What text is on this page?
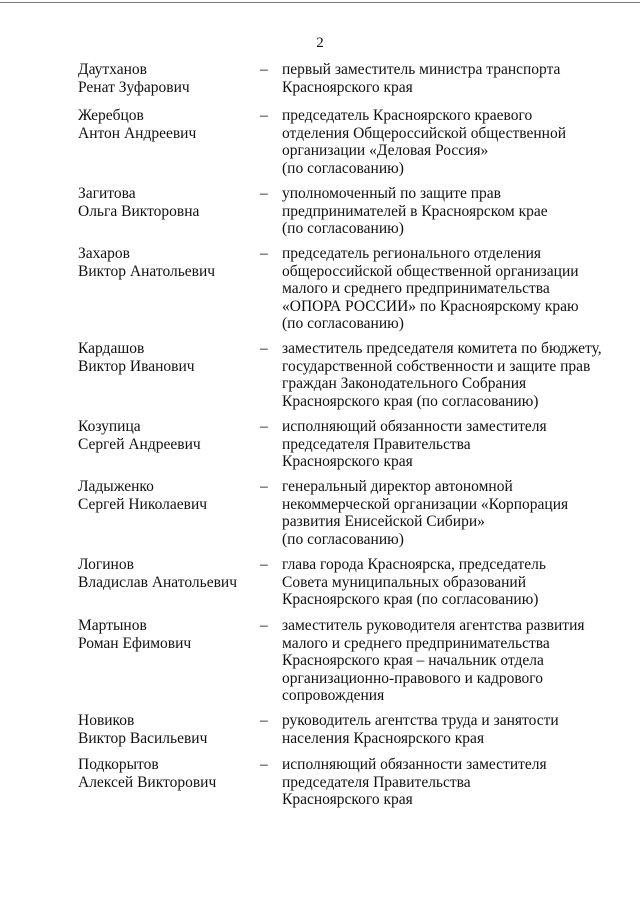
2
Даутханов
Ренат Зуфарович
– первый заместитель министра транспорта
Красноярского края
Жеребцов
Антон Андреевич
– председатель Красноярского краевого
отделения Общероссийской общественной
организации «Деловая Россия»
(по согласованию)
Загитова
Ольга Викторовна
– уполномоченный по защите прав
предпринимателей в Красноярском крае
(по согласованию)
Захаров
Виктор Анатольевич
– председатель регионального отделения
общероссийской общественной организации
малого и среднего предпринимательства
«ОПОРА РОССИИ» по Красноярскому краю
(по согласованию)
Кардашов
Виктор Иванович
– заместитель председателя комитета по бюджету,
государственной собственности и защите прав
граждан Законодательного Собрания
Красноярского края (по согласованию)
Козупица
Сергей Андреевич
– исполняющий обязанности заместителя
председателя Правительства
Красноярского края
Ладыженко
Сергей Николаевич
– генеральный директор автономной
некоммерческой организации «Корпорация
развития Енисейской Сибири»
(по согласованию)
Логинов
Владислав Анатольевич
– глава города Красноярска, председатель
Совета муниципальных образований
Красноярского края (по согласованию)
Мартынов
Роман Ефимович
– заместитель руководителя агентства развития
малого и среднего предпринимательства
Красноярского края – начальник отдела
организационно-правового и кадрового
сопровождения
Новиков
Виктор Васильевич
– руководитель агентства труда и занятости
населения Красноярского края
Подкорытов
Алексей Викторович
– исполняющий обязанности заместителя
председателя Правительства
Красноярского края
